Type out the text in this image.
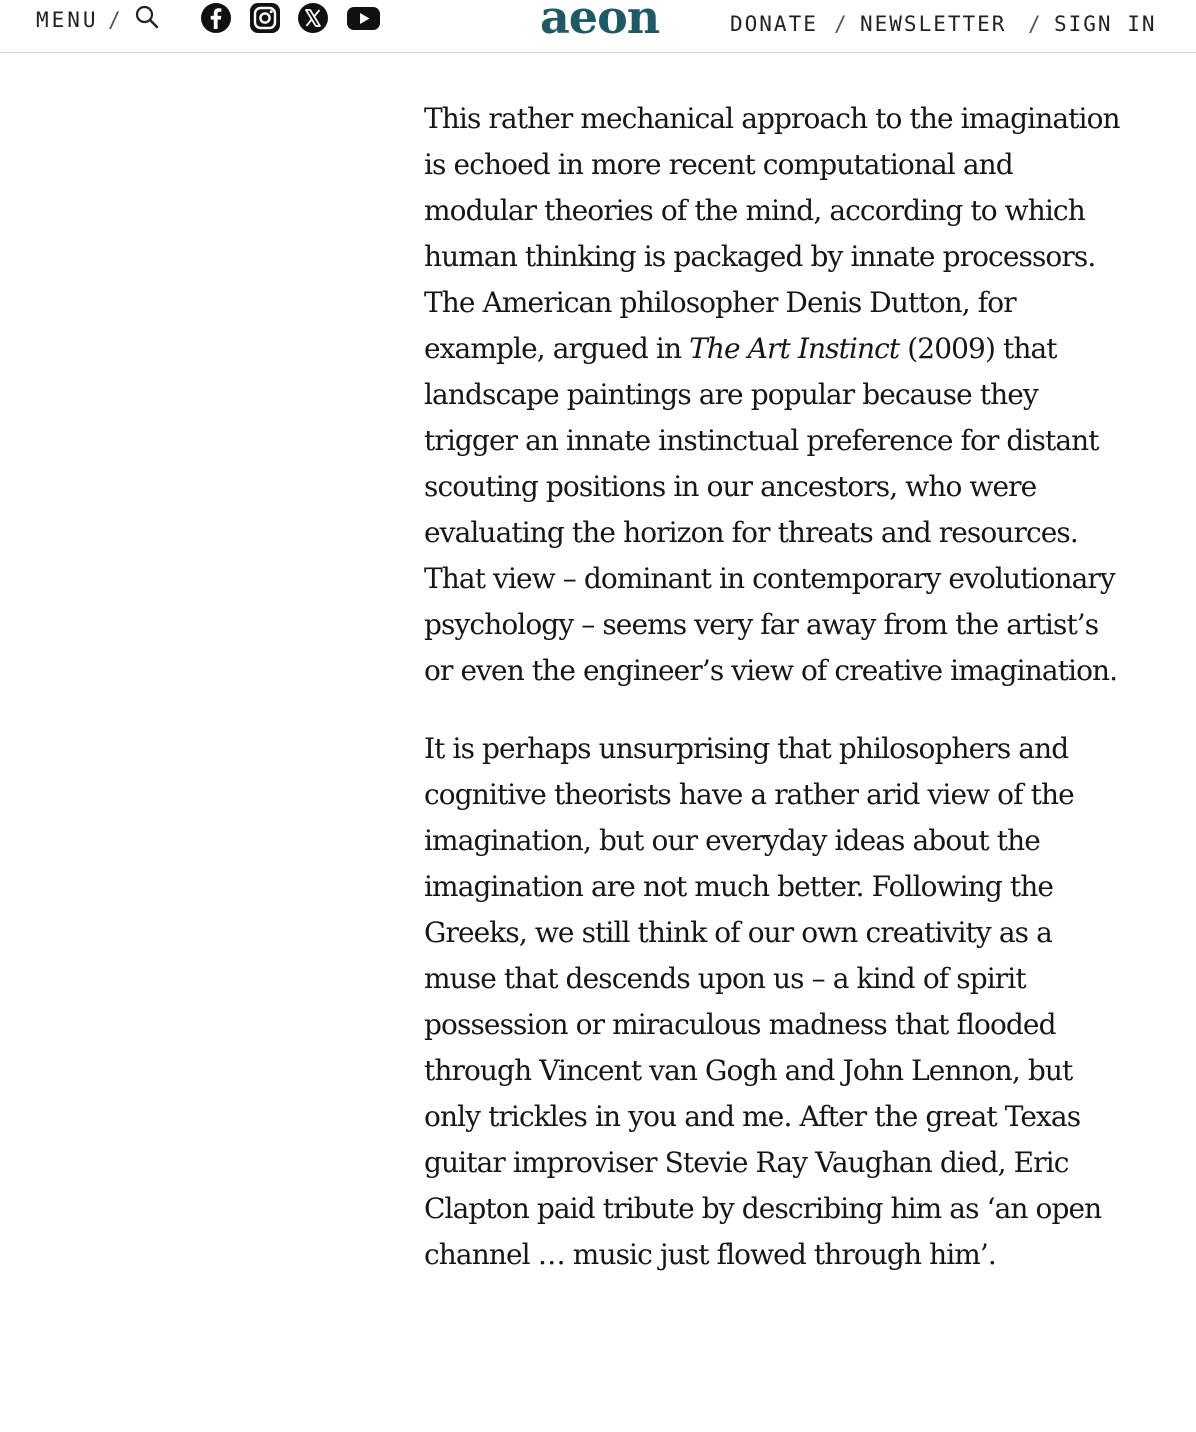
MENU /	aeon	DONATE / NEWSLETTER / SIGN IN

This rather mechanical approach to the imagination is echoed in more recent computational and modular theories of the mind, according to which human thinking is packaged by innate processors. The American philosopher Denis Dutton, for example, argued in The Art Instinct (2009) that landscape paintings are popular because they trigger an innate instinctual preference for distant scouting positions in our ancestors, who were evaluating the horizon for threats and resources. That view – dominant in contemporary evolutionary psychology – seems very far away from the artist’s or even the engineer’s view of creative imagination.

It is perhaps unsurprising that philosophers and cognitive theorists have a rather arid view of the imagination, but our everyday ideas about the imagination are not much better. Following the Greeks, we still think of our own creativity as a muse that descends upon us – a kind of spirit possession or miraculous madness that flooded through Vincent van Gogh and John Lennon, but only trickles in you and me. After the great Texas guitar improviser Stevie Ray Vaughan died, Eric Clapton paid tribute by describing him as ‘an open channel … music just flowed through him’.
